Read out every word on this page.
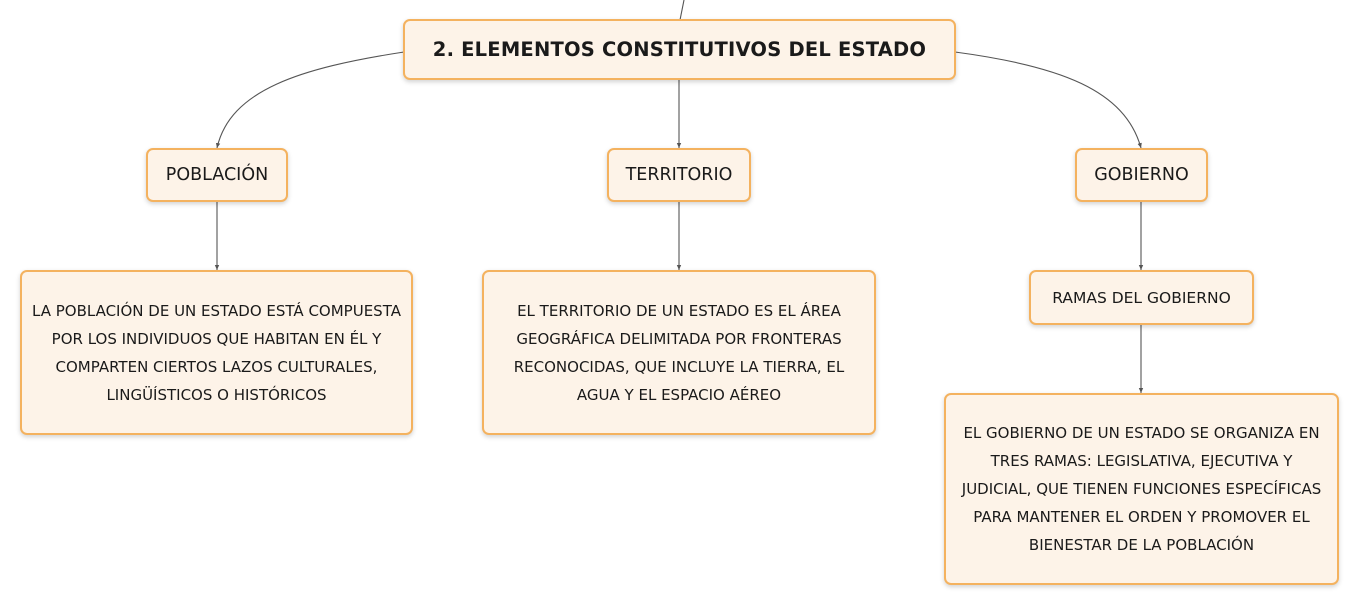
2. ELEMENTOS CONSTITUTIVOS DEL ESTADO
POBLACIÓN	TERRITORIO	GOBIERNO
LA POBLACIÓN DE UN ESTADO ESTÁ COMPUESTA POR LOS INDIVIDUOS QUE HABITAN EN ÉL Y COMPARTEN CIERTOS LAZOS CULTURALES, LINGÜÍSTICOS O HISTÓRICOS
EL TERRITORIO DE UN ESTADO ES EL ÁREA GEOGRÁFICA DELIMITADA POR FRONTERAS RECONOCIDAS, QUE INCLUYE LA TIERRA, EL AGUA Y EL ESPACIO AÉREO
RAMAS DEL GOBIERNO
EL GOBIERNO DE UN ESTADO SE ORGANIZA EN TRES RAMAS: LEGISLATIVA, EJECUTIVA Y JUDICIAL, QUE TIENEN FUNCIONES ESPECÍFICAS PARA MANTENER EL ORDEN Y PROMOVER EL BIENESTAR DE LA POBLACIÓN
